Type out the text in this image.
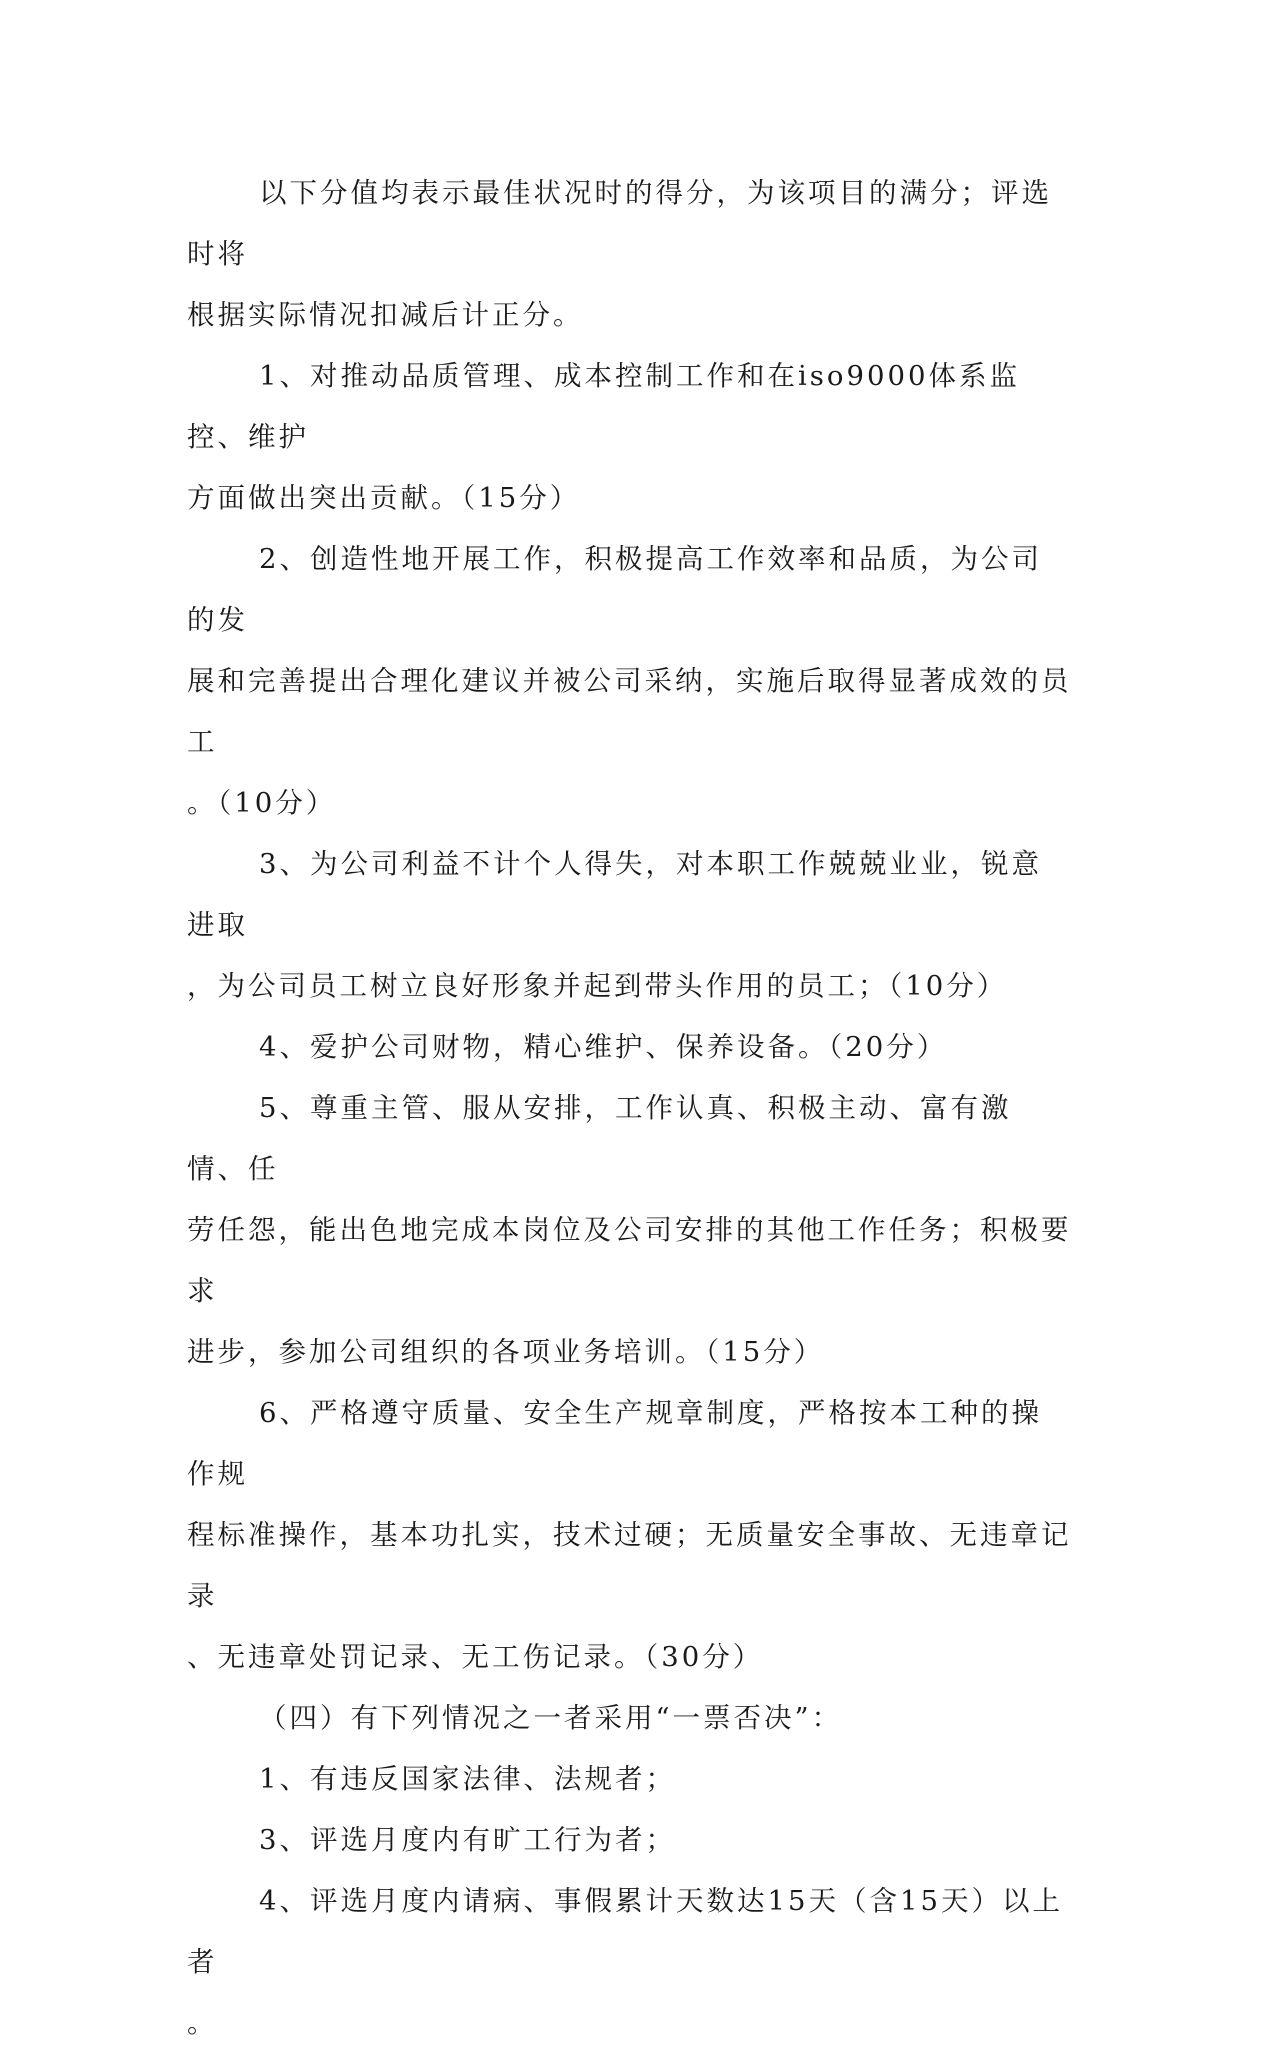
以下分值均表示最佳状况时的得分，为该项目的满分；评选时将
根据实际情况扣减后计正分。

1、对推动品质管理、成本控制工作和在iso9000体系监控、维护
方面做出突出贡献。（15分）

2、创造性地开展工作，积极提高工作效率和品质，为公司的发
展和完善提出合理化建议并被公司采纳，实施后取得显著成效的员工
。（10分）

3、为公司利益不计个人得失，对本职工作兢兢业业，锐意进取
，为公司员工树立良好形象并起到带头作用的员工；（10分）

4、爱护公司财物，精心维护、保养设备。（20分）

5、尊重主管、服从安排，工作认真、积极主动、富有激情、任
劳任怨，能出色地完成本岗位及公司安排的其他工作任务；积极要求
进步，参加公司组织的各项业务培训。（15分）

6、严格遵守质量、安全生产规章制度，严格按本工种的操作规
程标准操作，基本功扎实，技术过硬；无质量安全事故、无违章记录
、无违章处罚记录、无工伤记录。（30分）

（四）有下列情况之一者采用“一票否决”：

1、有违反国家法律、法规者；

3、评选月度内有旷工行为者；

4、评选月度内请病、事假累计天数达15天（含15天）以上者
。
